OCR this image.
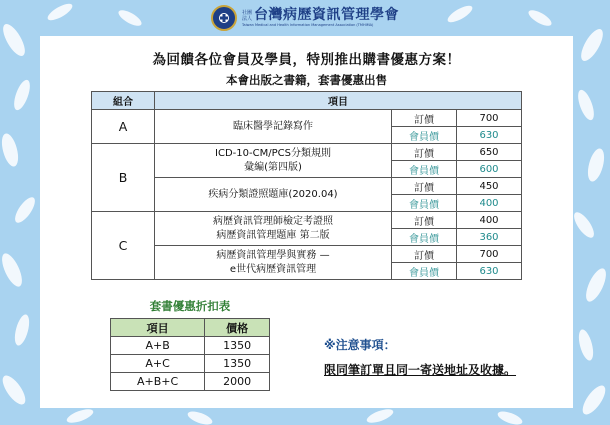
社團法人 台灣病歷資訊管理學會
Taiwan Medical and Health Information Management Association (TMHIMA)
為回饋各位會員及學員，特別推出購書優惠方案！
本會出版之書籍，套書優惠出售
組合	項目		
A	臨床醫學記錄寫作	訂價	700
		會員價	630
B	ICD-10-CM/PCS分類規則
彙編(第四版)	訂價	650
		會員價	600

	疾病分類證照題庫(2020.04)	訂價	450
		會員價	400
C	病歷資訊管理師檢定考證照
病歷資訊管理題庫 第二版	訂價	400
		會員價	360

	病歷資訊管理學與實務 —
e世代病歷資訊管理	訂價	700
		會員價	630
套書優惠折扣表
項目	價格
A+B	1350
A+C	1350
A+B+C	2000
※注意事項：
限同筆訂單且同一寄送地址及收據。
